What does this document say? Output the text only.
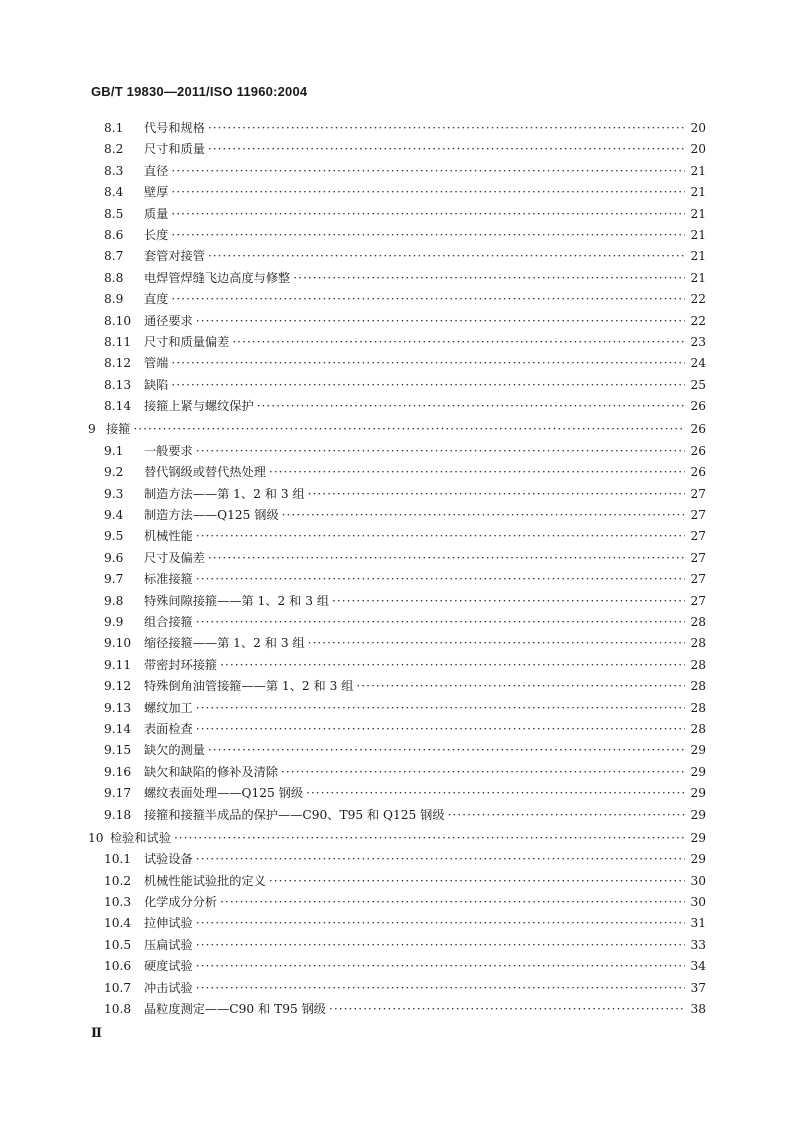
GB/T 19830—2011/ISO 11960:2004
8.1	代号和规格 ·····	20
8.2	尺寸和质量 ·····	20
8.3	直径 ·····	21
8.4	壁厚 ·····	21
8.5	质量 ·····	21
8.6	长度 ·····	21
8.7	套管对接管 ·····	21
8.8	电焊管焊缝飞边高度与修整 ·····	21
8.9	直度 ·····	22
8.10	通径要求 ·····	22
8.11	尺寸和质量偏差 ·····	23
8.12	管端 ·····	24
8.13	缺陷 ·····	25
8.14	接箍上紧与螺纹保护 ·····	26
9 接箍 ·····	26
9.1	一般要求 ·····	26
9.2	替代钢级或替代热处理 ·····	26
9.3	制造方法——第 1、2 和 3 组 ·····	27
9.4	制造方法——Q125 钢级 ·····	27
9.5	机械性能 ·····	27
9.6	尺寸及偏差 ·····	27
9.7	标准接箍 ·····	27
9.8	特殊间隙接箍——第 1、2 和 3 组 ·····	27
9.9	组合接箍 ·····	28
9.10	缩径接箍——第 1、2 和 3 组 ·····	28
9.11	带密封环接箍 ·····	28
9.12	特殊倒角油管接箍——第 1、2 和 3 组 ·····	28
9.13	螺纹加工 ·····	28
9.14	表面检查 ·····	28
9.15	缺欠的测量 ·····	29
9.16	缺欠和缺陷的修补及清除 ·····	29
9.17	螺纹表面处理——Q125 钢级 ·····	29
9.18	接箍和接箍半成品的保护——C90、T95 和 Q125 钢级 ·····	29
10 检验和试验 ·····	29
10.1	试验设备 ·····	29
10.2	机械性能试验批的定义 ·····	30
10.3	化学成分分析 ·····	30
10.4	拉伸试验 ·····	31
10.5	压扁试验 ·····	33
10.6	硬度试验 ·····	34
10.7	冲击试验 ·····	37
10.8	晶粒度测定——C90 和 T95 钢级 ·····	38
Ⅱ
